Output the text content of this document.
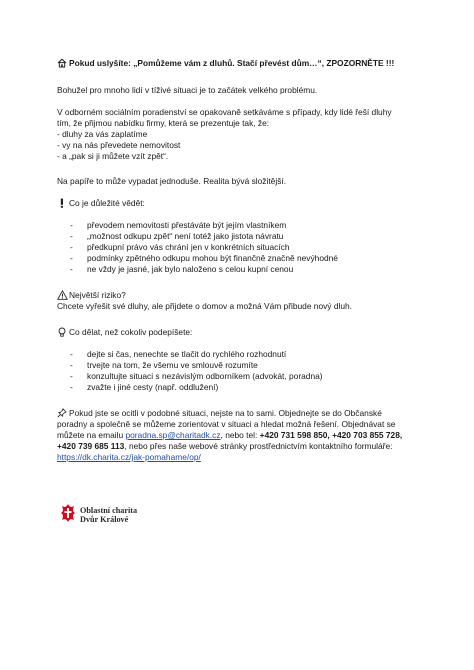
Pokud uslyšíte: „Pomůžeme vám z dluhů. Stačí převést dům…“, ZPOZORNĚTE !!!

Bohužel pro mnoho lidí v tíživé situaci je to začátek velkého problému.

V odborném sociálním poradenství se opakovaně setkáváme s případy, kdy lidé řeší dluhy

tím, že přijmou nabídku firmy, která se prezentuje tak, že:

- dluhy za vás zaplatíme
- vy na nás převedete nemovitost
- a „pak si ji můžete vzít zpět“.

Na papíře to může vypadat jednoduše. Realita bývá složitější.

Co je důležité vědět:

- převodem nemovitosti přestáváte být jejím vlastníkem
- „možnost odkupu zpět“ není totéž jako jistota návratu
- předkupní právo vás chrání jen v konkrétních situacích
- podmínky zpětného odkupu mohou být finančně značně nevýhodné
- ne vždy je jasné, jak bylo naloženo s celou kupní cenou

Největší riziko?

Chcete vyřešit své dluhy, ale přijdete o domov a možná Vám přibude nový dluh.

Co dělat, než cokoliv podepíšete:

- dejte si čas, nenechte se tlačit do rychlého rozhodnutí
- trvejte na tom, že všemu ve smlouvě rozumíte
- konzultujte situaci s nezávislým odborníkem (advokát, poradna)
- zvažte i jiné cesty (např. oddlužení)

Pokud jste se ocitli v podobné situaci, nejste na to sami. Objednejte se do Občanské

poradny a společně se můžeme zorientovat v situaci a hledat možná řešení. Objednávat se

můžete na emailu poradna.sp@charitadk.cz, nebo tel: +420 731 598 850, +420 703 855 728,

+420 739 685 113, nebo přes naše webové stránky prostřednictvím kontaktního formuláře:

https://dk.charita.cz/jak-pomahame/op/

Oblastní charita
Dvůr Králové
